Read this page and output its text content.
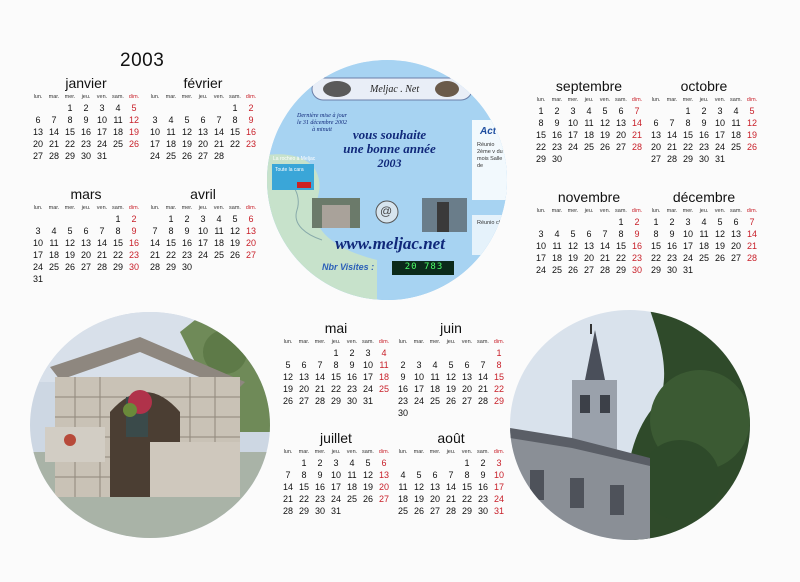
2003
janvier
lun.	mar.	mer.	jeu.	ven.	sam.	dim.
		1	2	3	4	5
6	7	8	9	10	11	12
13	14	15	16	17	18	19
20	21	22	23	24	25	26
27	28	29	30	31		
février
lun.	mar.	mer.	jeu.	ven.	sam.	dim.
					1	2
3	4	5	6	7	8	9
10	11	12	13	14	15	16
17	18	19	20	21	22	23
24	25	26	27	28		
mars
lun.	mar.	mer.	jeu.	ven.	sam.	dim.
					1	2
3	4	5	6	7	8	9
10	11	12	13	14	15	16
17	18	19	20	21	22	23
24	25	26	27	28	29	30
31						
avril
lun.	mar.	mer.	jeu.	ven.	sam.	dim.
	1	2	3	4	5	6
7	8	9	10	11	12	13
14	15	16	17	18	19	20
21	22	23	24	25	26	27
28	29	30				
mai
lun.	mar.	mer.	jeu.	ven.	sam.	dim.
			1	2	3	4
5	6	7	8	9	10	11
12	13	14	15	16	17	18
19	20	21	22	23	24	25
26	27	28	29	30	31	
juin
lun.	mar.	mer.	jeu.	ven.	sam.	dim.
						1
2	3	4	5	6	7	8
9	10	11	12	13	14	15
16	17	18	19	20	21	22
23	24	25	26	27	28	29
30						
juillet
lun.	mar.	mer.	jeu.	ven.	sam.	dim.
	1	2	3	4	5	6
7	8	9	10	11	12	13
14	15	16	17	18	19	20
21	22	23	24	25	26	27
28	29	30	31			
août
lun.	mar.	mer.	jeu.	ven.	sam.	dim.
				1	2	3
4	5	6	7	8	9	10
11	12	13	14	15	16	17
18	19	20	21	22	23	24
25	26	27	28	29	30	31
septembre
lun.	mar.	mer.	jeu.	ven.	sam.	dim.
1	2	3	4	5	6	7
8	9	10	11	12	13	14
15	16	17	18	19	20	21
22	23	24	25	26	27	28
29	30					
octobre
lun.	mar.	mer.	jeu.	ven.	sam.	dim.
		1	2	3	4	5
6	7	8	9	10	11	12
13	14	15	16	17	18	19
20	21	22	23	24	25	26
27	28	29	30	31		
novembre
lun.	mar.	mer.	jeu.	ven.	sam.	dim.
					1	2
3	4	5	6	7	8	9
10	11	12	13	14	15	16
17	18	19	20	21	22	23
24	25	26	27	28	29	30
décembre
lun.	mar.	mer.	jeu.	ven.	sam.	dim.
1	2	3	4	5	6	7
8	9	10	11	12	13	14
15	16	17	18	19	20	21
22	23	24	25	26	27	28
29	30	31				
Meljac . Net
Dernière mise à jour
le 31 décembre 2002
à minuit	vous souhaite
une bonne année
2003
Act
Réunio 2ème v du mois Salle de
Réunio ch
La rocheo à Meljac
Toute la cara
@
www.meljac.net
Nbr Visites :	20 783
